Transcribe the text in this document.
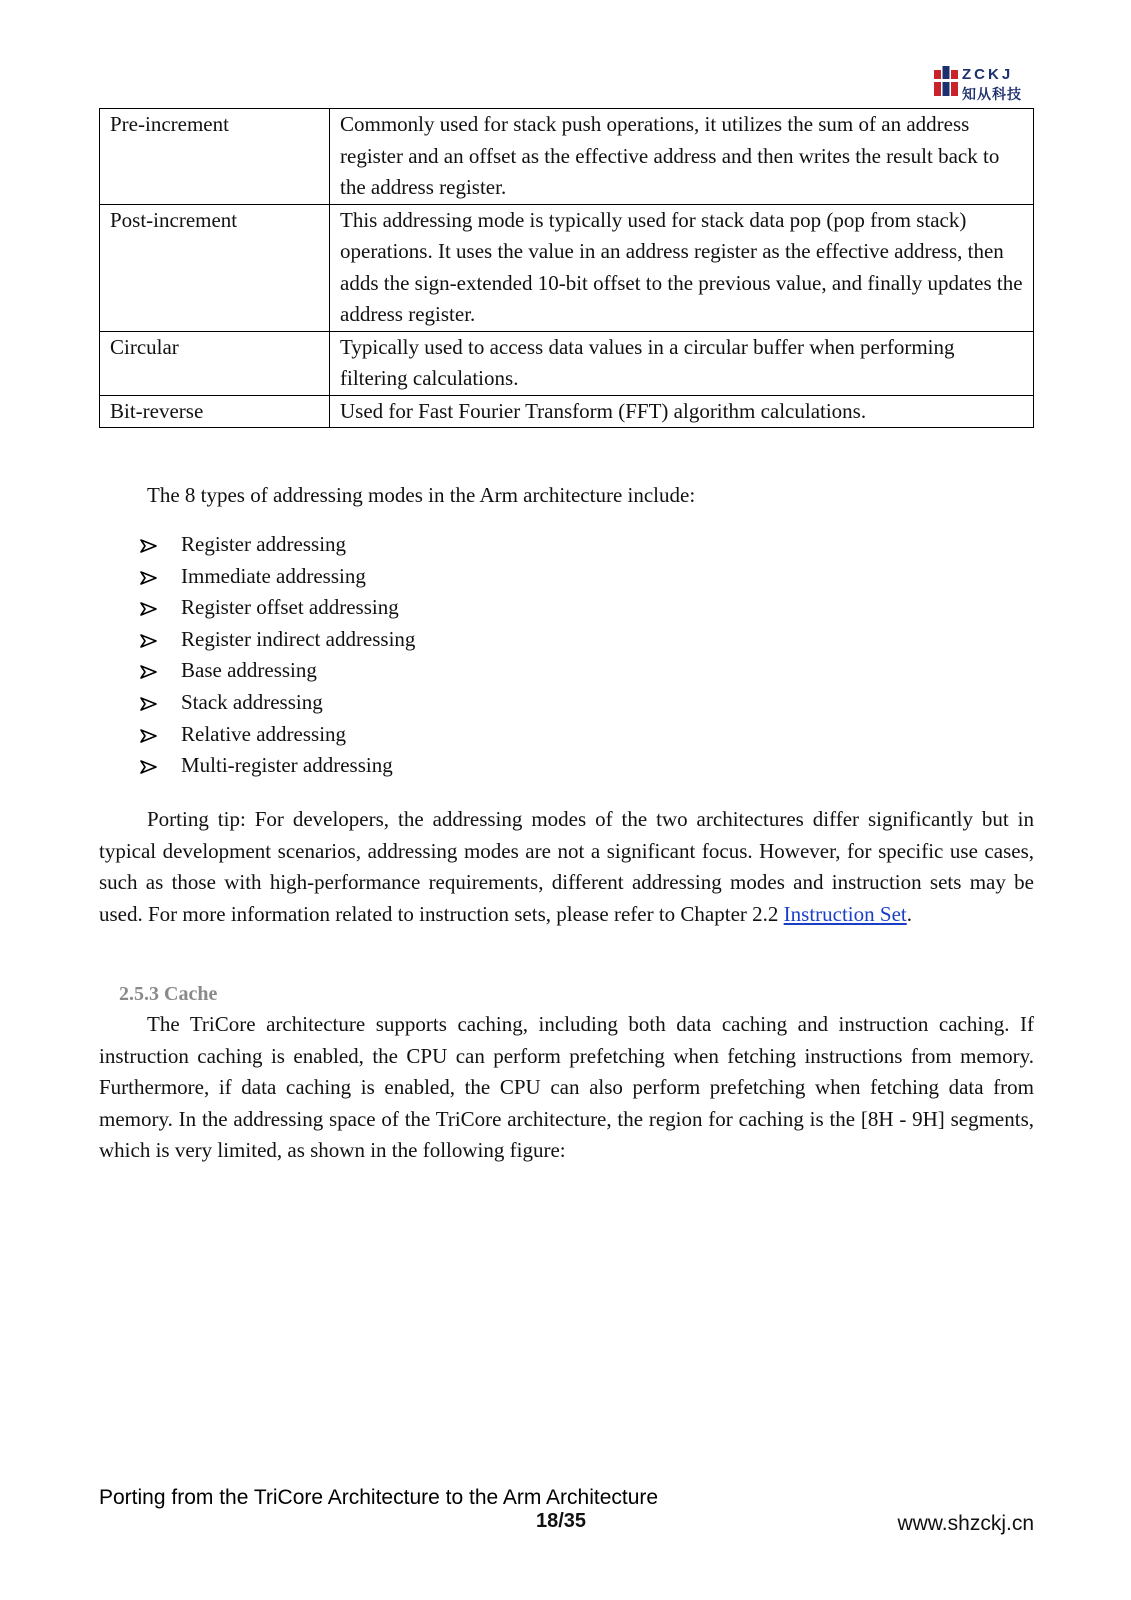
ZCKJ
知从科技
Pre-increment	Commonly used for stack push operations, it utilizes the sum of an address register and an offset as the effective address and then writes the result back to the address register.
Post-increment	This addressing mode is typically used for stack data pop (pop from stack) operations. It uses the value in an address register as the effective address, then adds the sign-extended 10-bit offset to the previous value, and finally updates the address register.
Circular	Typically used to access data values in a circular buffer when performing filtering calculations.
Bit-reverse	Used for Fast Fourier Transform (FFT) algorithm calculations.

The 8 types of addressing modes in the Arm architecture include:

Register addressing
Immediate addressing
Register offset addressing
Register indirect addressing
Base addressing
Stack addressing
Relative addressing
Multi-register addressing

Porting tip: For developers, the addressing modes of the two architectures differ significantly but in typical development scenarios, addressing modes are not a significant focus. However, for specific use cases, such as those with high-performance requirements, different addressing modes and instruction sets may be used. For more information related to instruction sets, please refer to Chapter 2.2 Instruction Set.

2.5.3 Cache

The TriCore architecture supports caching, including both data caching and instruction caching. If instruction caching is enabled, the CPU can perform prefetching when fetching instructions from memory. Furthermore, if data caching is enabled, the CPU can also perform prefetching when fetching data from memory. In the addressing space of the TriCore architecture, the region for caching is the [8H - 9H] segments, which is very limited, as shown in the following figure:

Porting from the TriCore Architecture to the Arm Architecture
18/35	www.shzckj.cn
